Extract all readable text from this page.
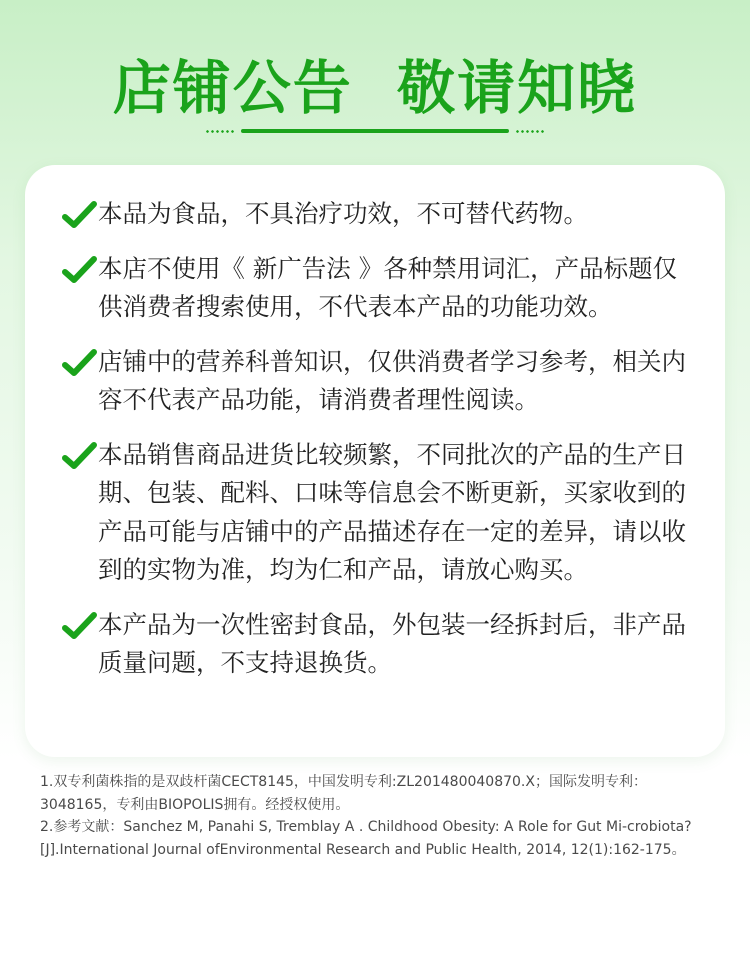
店铺公告  敬请知晓
本品为食品，不具治疗功效，不可替代药物。
本店不使用《 新广告法 》各种禁用词汇，产品标题仅供消费者搜索使用，不代表本产品的功能功效。
店铺中的营养科普知识，仅供消费者学习参考，相关内容不代表产品功能，请消费者理性阅读。
本品销售商品进货比较频繁，不同批次的产品的生产日期、包装、配料、口味等信息会不断更新，买家收到的产品可能与店铺中的产品描述存在一定的差异，请以收到的实物为准，均为仁和产品，请放心购买。
本产品为一次性密封食品，外包装一经拆封后，非产品质量问题，不支持退换货。

1.双专利菌株指的是双歧杆菌CECT8145，中国发明专利:ZL201480040870.X；国际发明专利：3048165，专利由BIOPOLIS拥有。经授权使用。

2.参考文献：Sanchez M, Panahi S, Tremblay A . Childhood Obesity: A Role for Gut Mi-crobiota?[J].International Journal ofEnvironmental Research and Public Health, 2014, 12(1):162-175。
